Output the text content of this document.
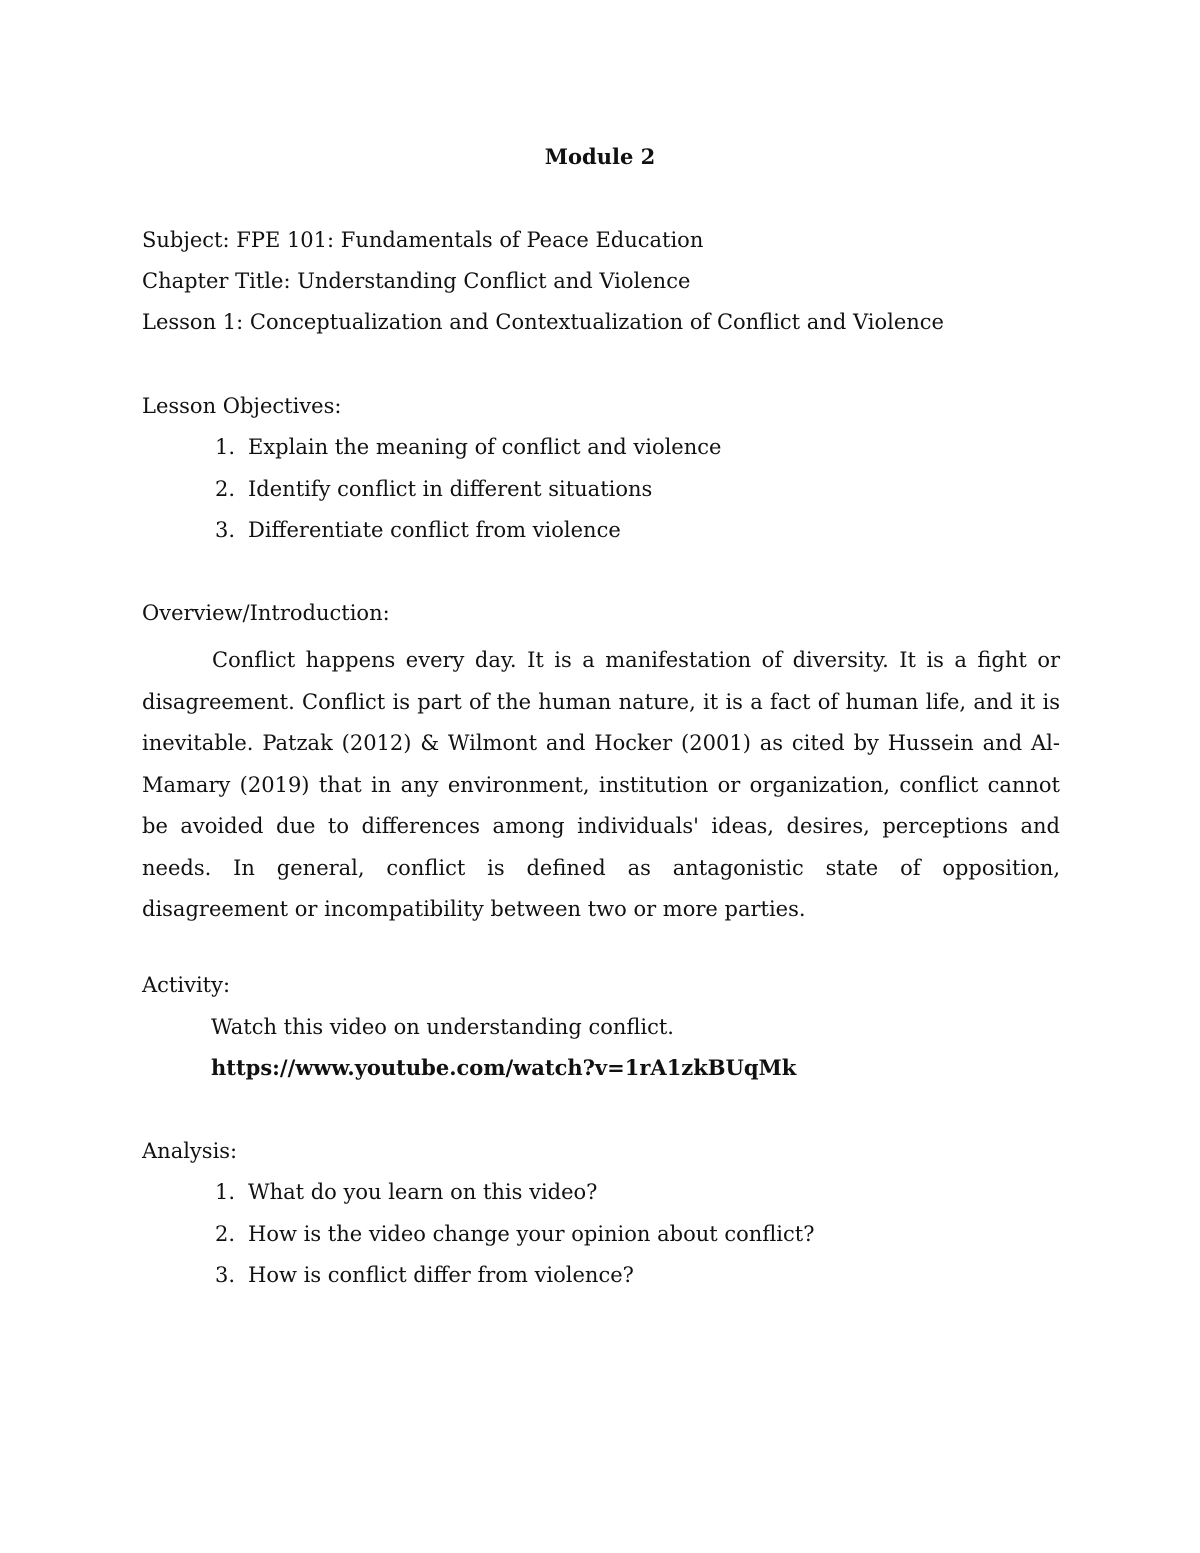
Module 2
Subject: FPE 101: Fundamentals of Peace Education
Chapter Title: Understanding Conflict and Violence
Lesson 1: Conceptualization and Contextualization of Conflict and Violence
Lesson Objectives:
1. Explain the meaning of conflict and violence
2. Identify conflict in different situations
3. Differentiate conflict from violence
Overview/Introduction:
Conflict happens every day. It is a manifestation of diversity. It is a fight or disagreement. Conflict is part of the human nature, it is a fact of human life, and it is inevitable. Patzak (2012) & Wilmont and Hocker (2001) as cited by Hussein and Al-Mamary (2019) that in any environment, institution or organization, conflict cannot be avoided due to differences among individuals' ideas, desires, perceptions and needs. In general, conflict is defined as antagonistic state of opposition, disagreement or incompatibility between two or more parties.
Activity:
Watch this video on understanding conflict.
https://www.youtube.com/watch?v=1rA1zkBUqMk
Analysis:
1. What do you learn on this video?
2. How is the video change your opinion about conflict?
3. How is conflict differ from violence?
